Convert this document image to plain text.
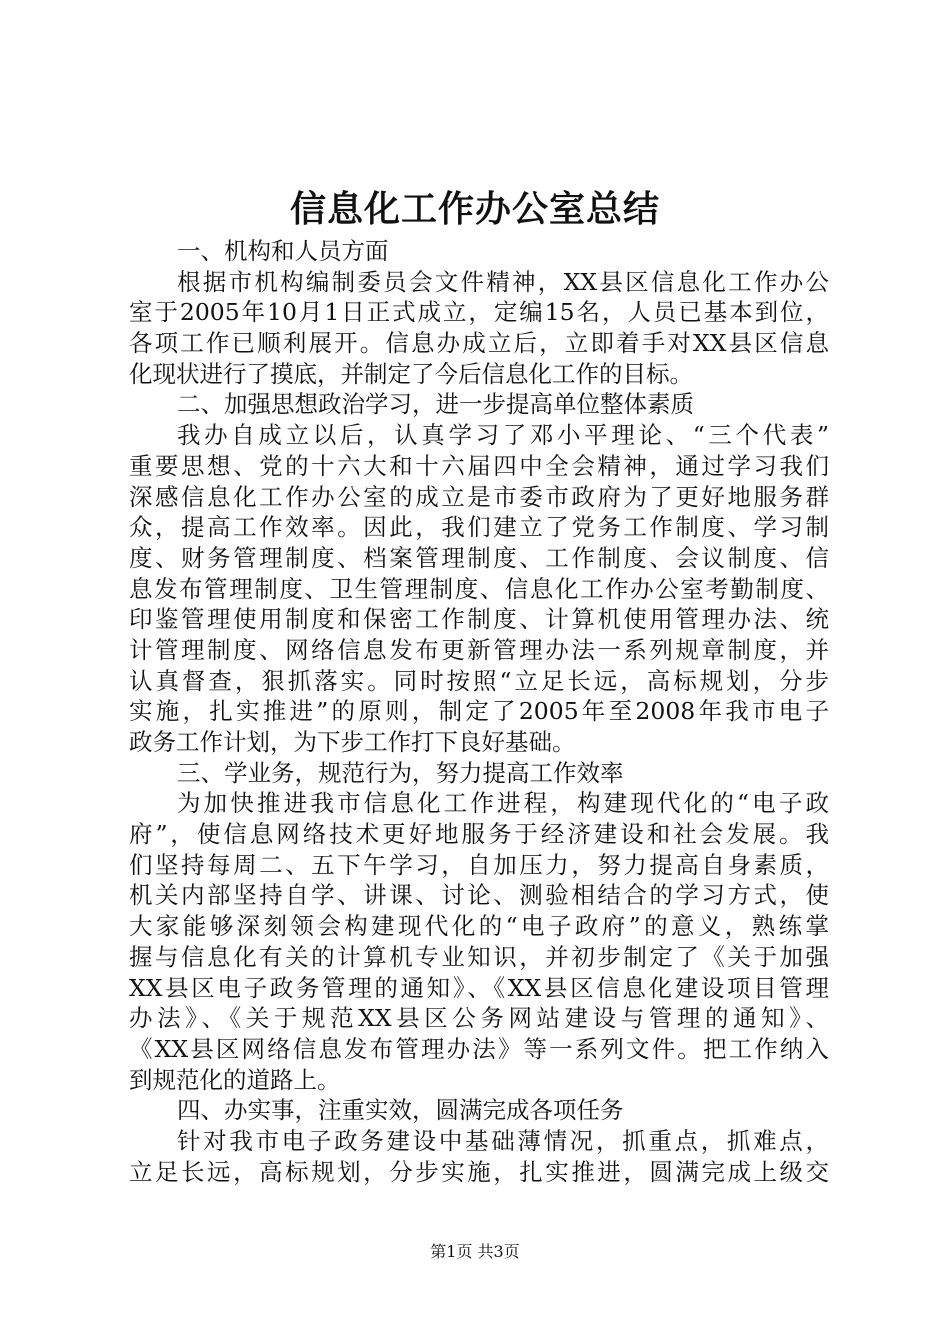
信息化工作办公室总结
一、机构和人员方面
根据市机构编制委员会文件精神，XX县区信息化工作办公
室于2005年10月1日正式成立，定编15名，人员已基本到位，
各项工作已顺利展开。信息办成立后，立即着手对XX县区信息
化现状进行了摸底，并制定了今后信息化工作的目标。
二、加强思想政治学习，进一步提高单位整体素质
我办自成立以后，认真学习了邓小平理论、“三个代表”
重要思想、党的十六大和十六届四中全会精神，通过学习我们
深感信息化工作办公室的成立是市委市政府为了更好地服务群
众，提高工作效率。因此，我们建立了党务工作制度、学习制
度、财务管理制度、档案管理制度、工作制度、会议制度、信
息发布管理制度、卫生管理制度、信息化工作办公室考勤制度、
印鉴管理使用制度和保密工作制度、计算机使用管理办法、统
计管理制度、网络信息发布更新管理办法一系列规章制度，并
认真督查，狠抓落实。同时按照“立足长远，高标规划，分步
实施，扎实推进”的原则，制定了2005年至2008年我市电子
政务工作计划，为下步工作打下良好基础。
三、学业务，规范行为，努力提高工作效率
为加快推进我市信息化工作进程，构建现代化的“电子政
府”，使信息网络技术更好地服务于经济建设和社会发展。我
们坚持每周二、五下午学习，自加压力，努力提高自身素质，
机关内部坚持自学、讲课、讨论、测验相结合的学习方式，使
大家能够深刻领会构建现代化的“电子政府”的意义，熟练掌
握与信息化有关的计算机专业知识，并初步制定了《关于加强
XX县区电子政务管理的通知》、《XX县区信息化建设项目管理
办法》、《关于规范XX县区公务网站建设与管理的通知》、
《XX县区网络信息发布管理办法》等一系列文件。把工作纳入
到规范化的道路上。
四、办实事，注重实效，圆满完成各项任务
针对我市电子政务建设中基础薄情况，抓重点，抓难点，
立足长远，高标规划，分步实施，扎实推进，圆满完成上级交
第1页 共3页
